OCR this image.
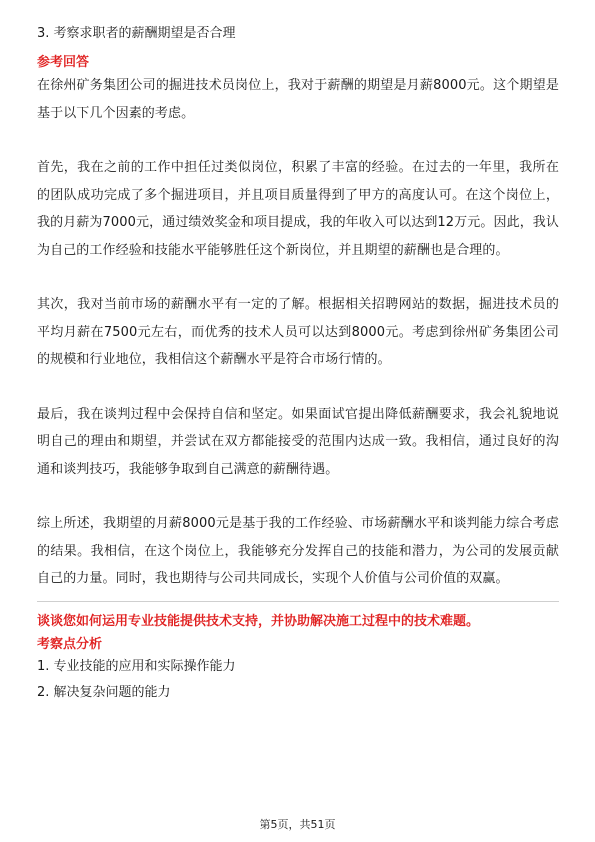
3. 考察求职者的薪酬期望是否合理

参考回答

在徐州矿务集团公司的掘进技术员岗位上，我对于薪酬的期望是月薪8000元。这个期望是基于以下几个因素的考虑。

首先，我在之前的工作中担任过类似岗位，积累了丰富的经验。在过去的一年里，我所在的团队成功完成了多个掘进项目，并且项目质量得到了甲方的高度认可。在这个岗位上，我的月薪为7000元，通过绩效奖金和项目提成，我的年收入可以达到12万元。因此，我认为自己的工作经验和技能水平能够胜任这个新岗位，并且期望的薪酬也是合理的。

其次，我对当前市场的薪酬水平有一定的了解。根据相关招聘网站的数据，掘进技术员的平均月薪在7500元左右，而优秀的技术人员可以达到8000元。考虑到徐州矿务集团公司的规模和行业地位，我相信这个薪酬水平是符合市场行情的。

最后，我在谈判过程中会保持自信和坚定。如果面试官提出降低薪酬要求，我会礼貌地说明自己的理由和期望，并尝试在双方都能接受的范围内达成一致。我相信，通过良好的沟通和谈判技巧，我能够争取到自己满意的薪酬待遇。

综上所述，我期望的月薪8000元是基于我的工作经验、市场薪酬水平和谈判能力综合考虑的结果。我相信，在这个岗位上，我能够充分发挥自己的技能和潜力，为公司的发展贡献自己的力量。同时，我也期待与公司共同成长，实现个人价值与公司价值的双赢。

谈谈您如何运用专业技能提供技术支持，并协助解决施工过程中的技术难题。

考察点分析

1. 专业技能的应用和实际操作能力

2. 解决复杂问题的能力

第5页，共51页
